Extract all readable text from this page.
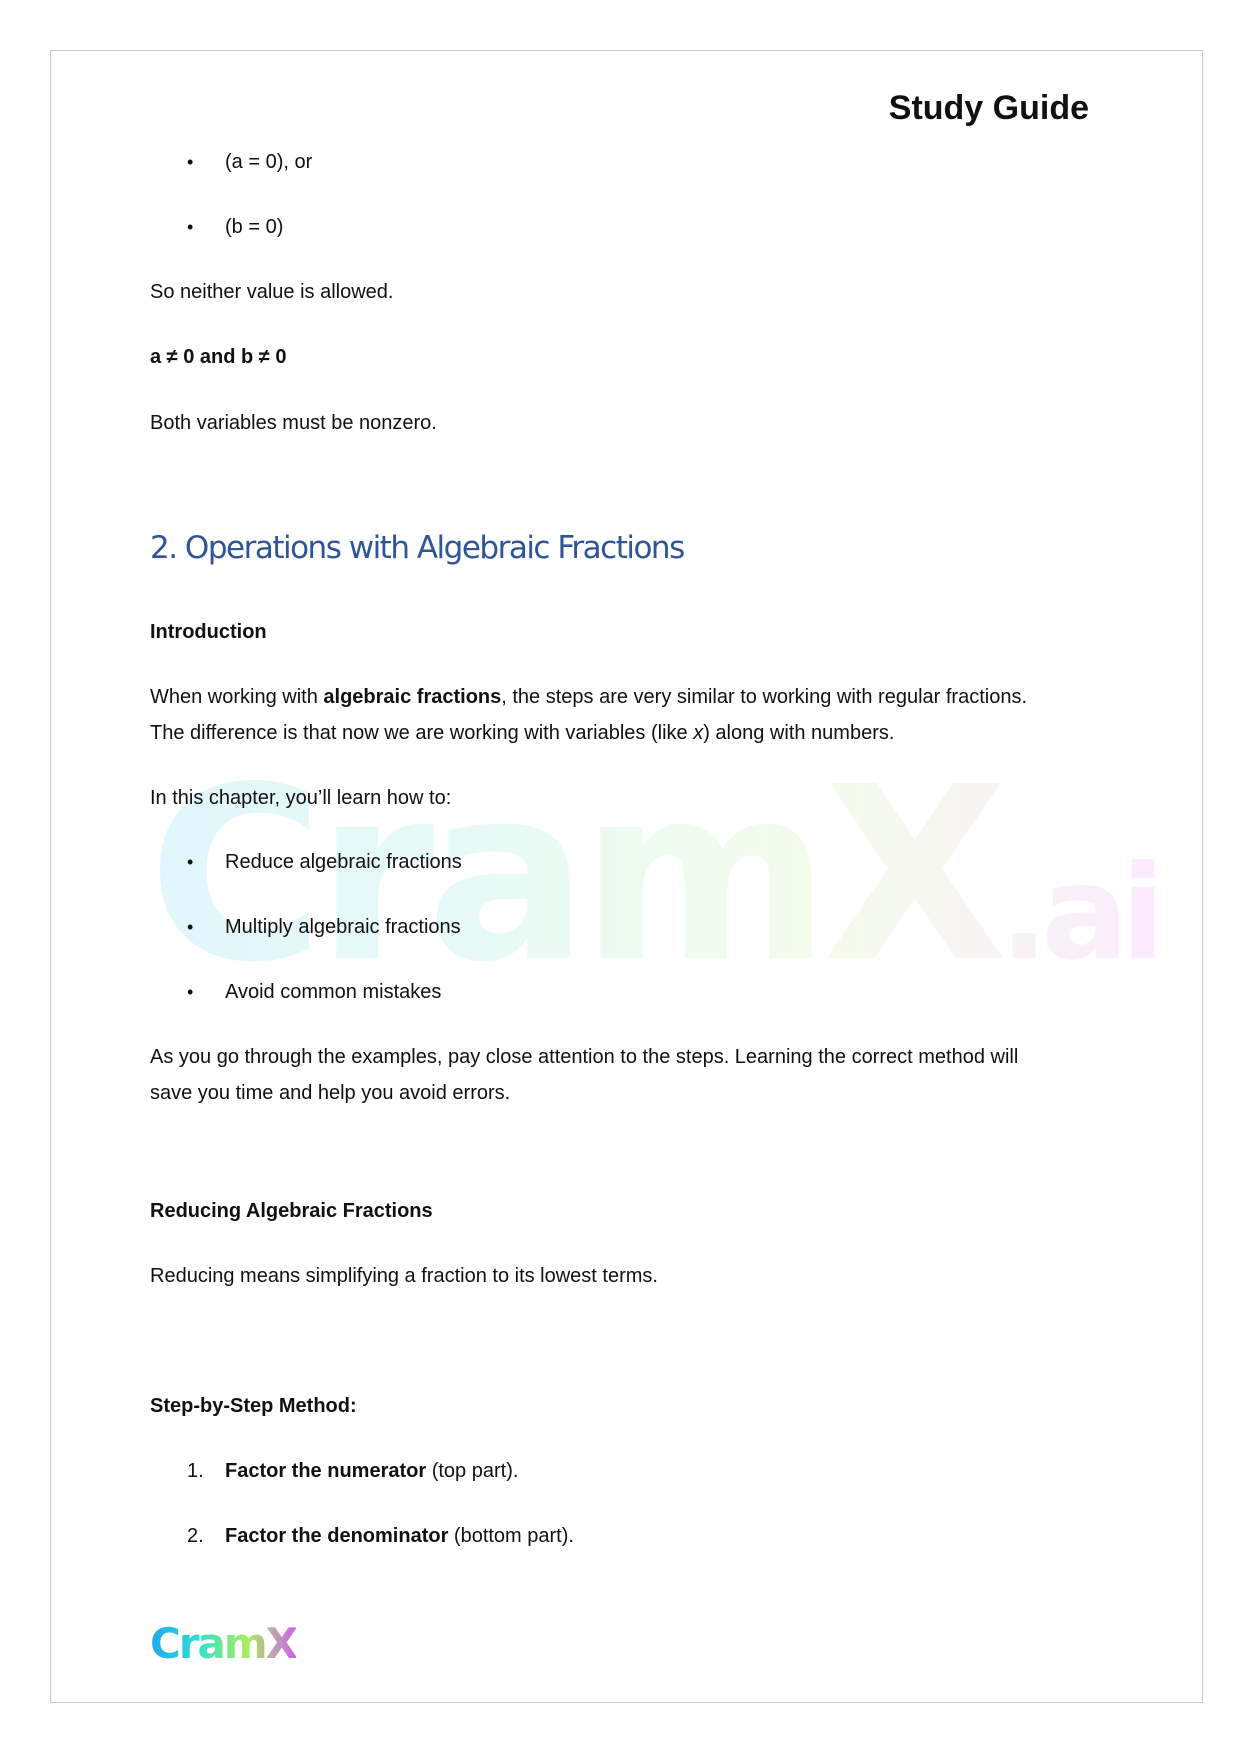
CramX.ai
Study Guide
• (a = 0), or
• (b = 0)
So neither value is allowed.
a ≠ 0 and b ≠ 0
Both variables must be nonzero.
2. Operations with Algebraic Fractions
Introduction
When working with algebraic fractions, the steps are very similar to working with regular fractions.
The difference is that now we are working with variables (like x) along with numbers.
In this chapter, you’ll learn how to:
• Reduce algebraic fractions
• Multiply algebraic fractions
• Avoid common mistakes
As you go through the examples, pay close attention to the steps. Learning the correct method will
save you time and help you avoid errors.
Reducing Algebraic Fractions
Reducing means simplifying a fraction to its lowest terms.
Step-by-Step Method:
1. Factor the numerator (top part).
2. Factor the denominator (bottom part).
CramX
